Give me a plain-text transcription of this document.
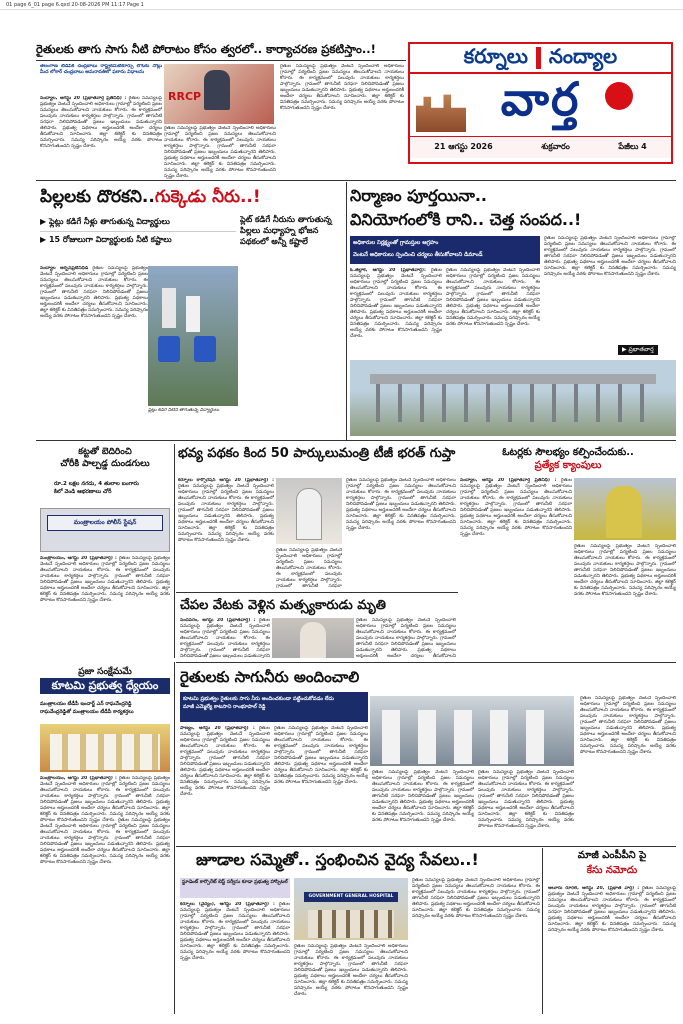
01 page 6_01 page 6.qxd 20-08-2026 PM 11:17 Page 1
కర్నూలు నంద్యాల
వార్త
21 ఆగస్టు 2026	శుక్రవారం	పేజీలు 4
రైతులకు తాగు సాగు నీటి పోరాటం కోసం త్వరలో.. కార్యాచరణ ప్రకటిస్తాం..!
తెలంగాణ టీడీపీకి చంద్రబాబు రాష్ట్రకమిటీకూర్పు లోటకు నోట్లు మీద లోకార్ చంద్రబాబు అమరావతిలో ఫలాను విధాలను
RRCP
నంద్యాల, ఆగస్టు 20 (ప్రభాతవార్త ప్రతినిధి) : రైతుల సమస్యలపై ప్రభుత్వం వెంటనే స్పందించాలి అధికారులు గ్రామాల్లో పర్యటించి ప్రజల సమస్యలు తెలుసుకోవాలని నాయకులు కోరారు. ఈ కార్యక్రమంలో పలువురు నాయకులు కార్యకర్తలు పాల్గొన్నారు. గ్రామంలో తాగునీటి సరఫరా నిలిచిపోవడంతో ప్రజలు ఇబ్బందులు పడుతున్నారని తెలిపారు. ప్రభుత్వ పథకాలు అర్హులందరికీ అందేలా చర్యలు తీసుకోవాలని సూచించారు. జిల్లా కలెక్టర్ కు వినతిపత్రం సమర్పించారు. సమస్య పరిష్కారం అయ్యే వరకు పోరాటం కొనసాగుతుందని స్పష్టం చేశారు.
రైతుల సమస్యలపై ప్రభుత్వం వెంటనే స్పందించాలి అధికారులు గ్రామాల్లో పర్యటించి ప్రజల సమస్యలు తెలుసుకోవాలని నాయకులు కోరారు. ఈ కార్యక్రమంలో పలువురు నాయకులు కార్యకర్తలు పాల్గొన్నారు. గ్రామంలో తాగునీటి సరఫరా నిలిచిపోవడంతో ప్రజలు ఇబ్బందులు పడుతున్నారని తెలిపారు. ప్రభుత్వ పథకాలు అర్హులందరికీ అందేలా చర్యలు తీసుకోవాలని సూచించారు. జిల్లా కలెక్టర్ కు వినతిపత్రం సమర్పించారు. సమస్య పరిష్కారం అయ్యే వరకు పోరాటం కొనసాగుతుందని స్పష్టం చేశారు.
రైతుల సమస్యలపై ప్రభుత్వం వెంటనే స్పందించాలి అధికారులు గ్రామాల్లో పర్యటించి ప్రజల సమస్యలు తెలుసుకోవాలని నాయకులు కోరారు. ఈ కార్యక్రమంలో పలువురు నాయకులు కార్యకర్తలు పాల్గొన్నారు. గ్రామంలో తాగునీటి సరఫరా నిలిచిపోవడంతో ప్రజలు ఇబ్బందులు పడుతున్నారని తెలిపారు. ప్రభుత్వ పథకాలు అర్హులందరికీ అందేలా చర్యలు తీసుకోవాలని సూచించారు. జిల్లా కలెక్టర్ కు వినతిపత్రం సమర్పించారు. సమస్య పరిష్కారం అయ్యే వరకు పోరాటం కొనసాగుతుందని స్పష్టం చేశారు.
పిల్లలకు దొరకని..గుక్కెడు నీరు..!
▶ ఫ్లెట్లు కడిగే నీళ్లు తాగుతున్న విద్యార్థులు
▶ 15 రోజులుగా విద్యార్థులకు నీటి కష్టాలు
నంద్యాల ఆర్బనఫ్రటినిధిడి రైతుల సమస్యలపై ప్రభుత్వం వెంటనే స్పందించాలి అధికారులు గ్రామాల్లో పర్యటించి ప్రజల సమస్యలు తెలుసుకోవాలని నాయకులు కోరారు. ఈ కార్యక్రమంలో పలువురు నాయకులు కార్యకర్తలు పాల్గొన్నారు. గ్రామంలో తాగునీటి సరఫరా నిలిచిపోవడంతో ప్రజలు ఇబ్బందులు పడుతున్నారని తెలిపారు. ప్రభుత్వ పథకాలు అర్హులందరికీ అందేలా చర్యలు తీసుకోవాలని సూచించారు. జిల్లా కలెక్టర్ కు వినతిపత్రం సమర్పించారు. సమస్య పరిష్కారం అయ్యే వరకు పోరాటం కొనసాగుతుందని స్పష్టం చేశారు.
ప్లేట్లు కడిగే నీటిని తాగుతున్న విద్యార్థులు
ప్లెట్ కడిగే నీరును తాగుతున్న పిల్లలు మధ్యాహ్న భోజన పథకంలో అన్నీ కష్టాలే
నిర్మాణం పూర్తయినా..
వినియోగంలోకి రాని.. చెత్త సంపద..!
అధికారుల నిర్లక్ష్యంతో గ్రామస్తుల ఆగ్రహం
వెంటనే అధికారులు స్పందించి చర్యలు తీసుకోవాలని డిమాండ్
ఓ.జిల్లాకే, ఆగస్టు 20 (ప్రభాతవార్త): రైతుల సమస్యలపై ప్రభుత్వం వెంటనే స్పందించాలి అధికారులు గ్రామాల్లో పర్యటించి ప్రజల సమస్యలు తెలుసుకోవాలని నాయకులు కోరారు. ఈ కార్యక్రమంలో పలువురు నాయకులు కార్యకర్తలు పాల్గొన్నారు. గ్రామంలో తాగునీటి సరఫరా నిలిచిపోవడంతో ప్రజలు ఇబ్బందులు పడుతున్నారని తెలిపారు. ప్రభుత్వ పథకాలు అర్హులందరికీ అందేలా చర్యలు తీసుకోవాలని సూచించారు. జిల్లా కలెక్టర్ కు వినతిపత్రం సమర్పించారు. సమస్య పరిష్కారం అయ్యే వరకు పోరాటం కొనసాగుతుందని స్పష్టం చేశారు.
రైతుల సమస్యలపై ప్రభుత్వం వెంటనే స్పందించాలి అధికారులు గ్రామాల్లో పర్యటించి ప్రజల సమస్యలు తెలుసుకోవాలని నాయకులు కోరారు. ఈ కార్యక్రమంలో పలువురు నాయకులు కార్యకర్తలు పాల్గొన్నారు. గ్రామంలో తాగునీటి సరఫరా నిలిచిపోవడంతో ప్రజలు ఇబ్బందులు పడుతున్నారని తెలిపారు. ప్రభుత్వ పథకాలు అర్హులందరికీ అందేలా చర్యలు తీసుకోవాలని సూచించారు. జిల్లా కలెక్టర్ కు వినతిపత్రం సమర్పించారు. సమస్య పరిష్కారం అయ్యే వరకు పోరాటం కొనసాగుతుందని స్పష్టం చేశారు.
రైతుల సమస్యలపై ప్రభుత్వం వెంటనే స్పందించాలి అధికారులు గ్రామాల్లో పర్యటించి ప్రజల సమస్యలు తెలుసుకోవాలని నాయకులు కోరారు. ఈ కార్యక్రమంలో పలువురు నాయకులు కార్యకర్తలు పాల్గొన్నారు. గ్రామంలో తాగునీటి సరఫరా నిలిచిపోవడంతో ప్రజలు ఇబ్బందులు పడుతున్నారని తెలిపారు. ప్రభుత్వ పథకాలు అర్హులందరికీ అందేలా చర్యలు తీసుకోవాలని సూచించారు. జిల్లా కలెక్టర్ కు వినతిపత్రం సమర్పించారు. సమస్య పరిష్కారం అయ్యే వరకు పోరాటం కొనసాగుతుందని స్పష్టం చేశారు.
▶ ప్రభాతవార్త
కట్టతో బెదిరించి
చోరీకి పాల్పడ్డ దుండగులు
రూ.2 లక్షల నగదు, 4 తులాల బంగారు
కిలో వెండి ఆభరణాలు చోరీ
మంత్రాలయం పోలీస్ స్టేషన్
మంత్రాలయం, ఆగస్టు 20 (ప్రభాతవార్త) : రైతుల సమస్యలపై ప్రభుత్వం వెంటనే స్పందించాలి అధికారులు గ్రామాల్లో పర్యటించి ప్రజల సమస్యలు తెలుసుకోవాలని నాయకులు కోరారు. ఈ కార్యక్రమంలో పలువురు నాయకులు కార్యకర్తలు పాల్గొన్నారు. గ్రామంలో తాగునీటి సరఫరా నిలిచిపోవడంతో ప్రజలు ఇబ్బందులు పడుతున్నారని తెలిపారు. ప్రభుత్వ పథకాలు అర్హులందరికీ అందేలా చర్యలు తీసుకోవాలని సూచించారు. జిల్లా కలెక్టర్ కు వినతిపత్రం సమర్పించారు. సమస్య పరిష్కారం అయ్యే వరకు పోరాటం కొనసాగుతుందని స్పష్టం చేశారు.
భవ్య పథకం కింద 50 పార్కులుమంత్రి టీజీ భరత్ గుప్తా
కర్నూలు కార్పొరేషన్ ఆగస్టు 20 (ప్రభాతవార్త) : రైతుల సమస్యలపై ప్రభుత్వం వెంటనే స్పందించాలి అధికారులు గ్రామాల్లో పర్యటించి ప్రజల సమస్యలు తెలుసుకోవాలని నాయకులు కోరారు. ఈ కార్యక్రమంలో పలువురు నాయకులు కార్యకర్తలు పాల్గొన్నారు. గ్రామంలో తాగునీటి సరఫరా నిలిచిపోవడంతో ప్రజలు ఇబ్బందులు పడుతున్నారని తెలిపారు. ప్రభుత్వ పథకాలు అర్హులందరికీ అందేలా చర్యలు తీసుకోవాలని సూచించారు. జిల్లా కలెక్టర్ కు వినతిపత్రం సమర్పించారు. సమస్య పరిష్కారం అయ్యే వరకు పోరాటం కొనసాగుతుందని స్పష్టం చేశారు.
రైతుల సమస్యలపై ప్రభుత్వం వెంటనే స్పందించాలి అధికారులు గ్రామాల్లో పర్యటించి ప్రజల సమస్యలు తెలుసుకోవాలని నాయకులు కోరారు. ఈ కార్యక్రమంలో పలువురు నాయకులు కార్యకర్తలు పాల్గొన్నారు. గ్రామంలో తాగునీటి సరఫరా
రైతుల సమస్యలపై ప్రభుత్వం వెంటనే స్పందించాలి అధికారులు గ్రామాల్లో పర్యటించి ప్రజల సమస్యలు తెలుసుకోవాలని నాయకులు కోరారు. ఈ కార్యక్రమంలో పలువురు నాయకులు కార్యకర్తలు పాల్గొన్నారు. గ్రామంలో తాగునీటి సరఫరా నిలిచిపోవడంతో ప్రజలు ఇబ్బందులు పడుతున్నారని తెలిపారు. ప్రభుత్వ పథకాలు అర్హులందరికీ అందేలా చర్యలు తీసుకోవాలని సూచించారు. జిల్లా కలెక్టర్ కు వినతిపత్రం సమర్పించారు. సమస్య పరిష్కారం అయ్యే వరకు పోరాటం కొనసాగుతుందని స్పష్టం చేశారు.
ఓటర్లకు సౌలభ్యం కల్పించేందుకు..
ప్రత్యేక క్యాంపులు
నంద్యాల, ఆగస్టు 20 (ప్రభాతవార్త ప్రతినిధి) : రైతుల సమస్యలపై ప్రభుత్వం వెంటనే స్పందించాలి అధికారులు గ్రామాల్లో పర్యటించి ప్రజల సమస్యలు తెలుసుకోవాలని నాయకులు కోరారు. ఈ కార్యక్రమంలో పలువురు నాయకులు కార్యకర్తలు పాల్గొన్నారు. గ్రామంలో తాగునీటి సరఫరా నిలిచిపోవడంతో ప్రజలు ఇబ్బందులు పడుతున్నారని తెలిపారు. ప్రభుత్వ పథకాలు అర్హులందరికీ అందేలా చర్యలు తీసుకోవాలని సూచించారు. జిల్లా కలెక్టర్ కు వినతిపత్రం సమర్పించారు. సమస్య పరిష్కారం అయ్యే వరకు పోరాటం కొనసాగుతుందని స్పష్టం చేశారు.
రైతుల సమస్యలపై ప్రభుత్వం వెంటనే స్పందించాలి అధికారులు గ్రామాల్లో పర్యటించి ప్రజల సమస్యలు తెలుసుకోవాలని నాయకులు కోరారు. ఈ కార్యక్రమంలో పలువురు నాయకులు కార్యకర్తలు పాల్గొన్నారు. గ్రామంలో తాగునీటి సరఫరా నిలిచిపోవడంతో ప్రజలు ఇబ్బందులు పడుతున్నారని తెలిపారు. ప్రభుత్వ పథకాలు అర్హులందరికీ అందేలా చర్యలు తీసుకోవాలని సూచించారు. జిల్లా కలెక్టర్ కు వినతిపత్రం సమర్పించారు. సమస్య పరిష్కారం అయ్యే వరకు పోరాటం కొనసాగుతుందని స్పష్టం చేశారు.
చేపల వేటకు వెళ్లిన మత్స్యకారుడు మృతి
నందవరం, ఆగస్టు 20 (ప్రభాతవార్త) : రైతుల సమస్యలపై ప్రభుత్వం వెంటనే స్పందించాలి అధికారులు గ్రామాల్లో పర్యటించి ప్రజల సమస్యలు తెలుసుకోవాలని నాయకులు కోరారు. ఈ కార్యక్రమంలో పలువురు నాయకులు కార్యకర్తలు పాల్గొన్నారు. గ్రామంలో తాగునీటి సరఫరా నిలిచిపోవడంతో ప్రజలు ఇబ్బందులు పడుతున్నారని
రైతుల సమస్యలపై ప్రభుత్వం వెంటనే స్పందించాలి అధికారులు గ్రామాల్లో పర్యటించి ప్రజల సమస్యలు తెలుసుకోవాలని నాయకులు కోరారు. ఈ కార్యక్రమంలో పలువురు నాయకులు కార్యకర్తలు పాల్గొన్నారు. గ్రామంలో తాగునీటి సరఫరా నిలిచిపోవడంతో ప్రజలు ఇబ్బందులు పడుతున్నారని తెలిపారు. ప్రభుత్వ పథకాలు అర్హులందరికీ అందేలా చర్యలు తీసుకోవాలని
ప్రజా సంక్షేమమే
కూటమి ప్రభుత్వ ధ్యేయం
మంత్రాలయం టీడీపీ ఇంచార్జ్ ఎన్ రాఘవేంద్రరెడ్డి
రాఘవేంద్రరెడ్డితో మంత్రాలయం టీడీపీ కార్యకర్తలు
మంత్రాలయం, ఆగస్టు 20 (ప్రభాతవార్త) : రైతుల సమస్యలపై ప్రభుత్వం వెంటనే స్పందించాలి అధికారులు గ్రామాల్లో పర్యటించి ప్రజల సమస్యలు తెలుసుకోవాలని నాయకులు కోరారు. ఈ కార్యక్రమంలో పలువురు నాయకులు కార్యకర్తలు పాల్గొన్నారు. గ్రామంలో తాగునీటి సరఫరా నిలిచిపోవడంతో ప్రజలు ఇబ్బందులు పడుతున్నారని తెలిపారు. ప్రభుత్వ పథకాలు అర్హులందరికీ అందేలా చర్యలు తీసుకోవాలని సూచించారు. జిల్లా కలెక్టర్ కు వినతిపత్రం సమర్పించారు. సమస్య పరిష్కారం అయ్యే వరకు పోరాటం కొనసాగుతుందని స్పష్టం చేశారు. రైతుల సమస్యలపై ప్రభుత్వం వెంటనే స్పందించాలి అధికారులు గ్రామాల్లో పర్యటించి ప్రజల సమస్యలు తెలుసుకోవాలని నాయకులు కోరారు. ఈ కార్యక్రమంలో పలువురు నాయకులు కార్యకర్తలు పాల్గొన్నారు. గ్రామంలో తాగునీటి సరఫరా నిలిచిపోవడంతో ప్రజలు ఇబ్బందులు పడుతున్నారని తెలిపారు. ప్రభుత్వ పథకాలు అర్హులందరికీ అందేలా చర్యలు తీసుకోవాలని సూచించారు. జిల్లా కలెక్టర్ కు వినతిపత్రం సమర్పించారు. సమస్య పరిష్కారం అయ్యే వరకు పోరాటం కొనసాగుతుందని స్పష్టం చేశారు.
రైతులకు సాగునీరు అందించాలి
కూటమి ప్రభుత్వం రైతులకు సాగు నీరు అందించకుండా పట్టించుకోవడం లేదు
మాజీ ఎమ్మెల్యే కాటసాని రాంభూపాల్ రెడ్డి
పాణ్యం, ఆగస్టు 20 (ప్రభాతవార్త) : రైతుల సమస్యలపై ప్రభుత్వం వెంటనే స్పందించాలి అధికారులు గ్రామాల్లో పర్యటించి ప్రజల సమస్యలు తెలుసుకోవాలని నాయకులు కోరారు. ఈ కార్యక్రమంలో పలువురు నాయకులు కార్యకర్తలు పాల్గొన్నారు. గ్రామంలో తాగునీటి సరఫరా నిలిచిపోవడంతో ప్రజలు ఇబ్బందులు పడుతున్నారని తెలిపారు. ప్రభుత్వ పథకాలు అర్హులందరికీ అందేలా చర్యలు తీసుకోవాలని సూచించారు. జిల్లా కలెక్టర్ కు వినతిపత్రం సమర్పించారు. సమస్య పరిష్కారం అయ్యే వరకు పోరాటం కొనసాగుతుందని స్పష్టం చేశారు.
రైతుల సమస్యలపై ప్రభుత్వం వెంటనే స్పందించాలి అధికారులు గ్రామాల్లో పర్యటించి ప్రజల సమస్యలు తెలుసుకోవాలని నాయకులు కోరారు. ఈ కార్యక్రమంలో పలువురు నాయకులు కార్యకర్తలు పాల్గొన్నారు. గ్రామంలో తాగునీటి సరఫరా నిలిచిపోవడంతో ప్రజలు ఇబ్బందులు పడుతున్నారని తెలిపారు. ప్రభుత్వ పథకాలు అర్హులందరికీ అందేలా చర్యలు తీసుకోవాలని సూచించారు. జిల్లా కలెక్టర్ కు వినతిపత్రం సమర్పించారు. సమస్య పరిష్కారం అయ్యే వరకు పోరాటం కొనసాగుతుందని స్పష్టం చేశారు.
రైతుల సమస్యలపై ప్రభుత్వం వెంటనే స్పందించాలి అధికారులు గ్రామాల్లో పర్యటించి ప్రజల సమస్యలు తెలుసుకోవాలని నాయకులు కోరారు. ఈ కార్యక్రమంలో పలువురు నాయకులు కార్యకర్తలు పాల్గొన్నారు. గ్రామంలో తాగునీటి సరఫరా నిలిచిపోవడంతో ప్రజలు ఇబ్బందులు పడుతున్నారని తెలిపారు. ప్రభుత్వ పథకాలు అర్హులందరికీ అందేలా చర్యలు తీసుకోవాలని సూచించారు. జిల్లా కలెక్టర్ కు వినతిపత్రం సమర్పించారు. సమస్య పరిష్కారం అయ్యే వరకు పోరాటం కొనసాగుతుందని స్పష్టం చేశారు.
రైతుల సమస్యలపై ప్రభుత్వం వెంటనే స్పందించాలి అధికారులు గ్రామాల్లో పర్యటించి ప్రజల సమస్యలు తెలుసుకోవాలని నాయకులు కోరారు. ఈ కార్యక్రమంలో పలువురు నాయకులు కార్యకర్తలు పాల్గొన్నారు. గ్రామంలో తాగునీటి సరఫరా నిలిచిపోవడంతో ప్రజలు ఇబ్బందులు పడుతున్నారని తెలిపారు. ప్రభుత్వ పథకాలు అర్హులందరికీ అందేలా చర్యలు తీసుకోవాలని సూచించారు. జిల్లా కలెక్టర్ కు వినతిపత్రం సమర్పించారు. సమస్య పరిష్కారం అయ్యే వరకు పోరాటం కొనసాగుతుందని స్పష్టం చేశారు.
రైతుల సమస్యలపై ప్రభుత్వం వెంటనే స్పందించాలి అధికారులు గ్రామాల్లో పర్యటించి ప్రజల సమస్యలు తెలుసుకోవాలని నాయకులు కోరారు. ఈ కార్యక్రమంలో పలువురు నాయకులు కార్యకర్తలు పాల్గొన్నారు. గ్రామంలో తాగునీటి సరఫరా నిలిచిపోవడంతో ప్రజలు ఇబ్బందులు పడుతున్నారని తెలిపారు. ప్రభుత్వ పథకాలు అర్హులందరికీ అందేలా చర్యలు తీసుకోవాలని సూచించారు. జిల్లా కలెక్టర్ కు వినతిపత్రం సమర్పించారు. సమస్య పరిష్కారం అయ్యే వరకు పోరాటం కొనసాగుతుందని స్పష్టం చేశారు.
జూడాల సమ్మెతో.. స్తంభించిన వైద్య సేవలు..!
స్టూడెంట్ కార్పొరేట్ బెస్ట్ సర్వీసు కూడా ప్రభుత్వ హాస్పిటల్
కర్నూలు (వైద్యం), ఆగస్టు 20 (ప్రభాతవార్త) : రైతుల సమస్యలపై ప్రభుత్వం వెంటనే స్పందించాలి అధికారులు గ్రామాల్లో పర్యటించి ప్రజల సమస్యలు తెలుసుకోవాలని నాయకులు కోరారు. ఈ కార్యక్రమంలో పలువురు నాయకులు కార్యకర్తలు పాల్గొన్నారు. గ్రామంలో తాగునీటి సరఫరా నిలిచిపోవడంతో ప్రజలు ఇబ్బందులు పడుతున్నారని తెలిపారు. ప్రభుత్వ పథకాలు అర్హులందరికీ అందేలా చర్యలు తీసుకోవాలని సూచించారు. జిల్లా కలెక్టర్ కు వినతిపత్రం సమర్పించారు. సమస్య పరిష్కారం అయ్యే వరకు పోరాటం కొనసాగుతుందని స్పష్టం చేశారు.
GOVERNMENT GENERAL HOSPITAL
రైతుల సమస్యలపై ప్రభుత్వం వెంటనే స్పందించాలి అధికారులు గ్రామాల్లో పర్యటించి ప్రజల సమస్యలు తెలుసుకోవాలని నాయకులు కోరారు. ఈ కార్యక్రమంలో పలువురు నాయకులు కార్యకర్తలు పాల్గొన్నారు. గ్రామంలో తాగునీటి సరఫరా నిలిచిపోవడంతో ప్రజలు ఇబ్బందులు పడుతున్నారని తెలిపారు. ప్రభుత్వ పథకాలు అర్హులందరికీ అందేలా చర్యలు తీసుకోవాలని సూచించారు. జిల్లా కలెక్టర్ కు వినతిపత్రం సమర్పించారు. సమస్య పరిష్కారం అయ్యే వరకు పోరాటం కొనసాగుతుందని స్పష్టం చేశారు.
రైతుల సమస్యలపై ప్రభుత్వం వెంటనే స్పందించాలి అధికారులు గ్రామాల్లో పర్యటించి ప్రజల సమస్యలు తెలుసుకోవాలని నాయకులు కోరారు. ఈ కార్యక్రమంలో పలువురు నాయకులు కార్యకర్తలు పాల్గొన్నారు. గ్రామంలో తాగునీటి సరఫరా నిలిచిపోవడంతో ప్రజలు ఇబ్బందులు పడుతున్నారని తెలిపారు. ప్రభుత్వ పథకాలు అర్హులందరికీ అందేలా చర్యలు తీసుకోవాలని సూచించారు. జిల్లా కలెక్టర్ కు వినతిపత్రం సమర్పించారు. సమస్య పరిష్కారం అయ్యే వరకు పోరాటం కొనసాగుతుందని స్పష్టం చేశారు.
మాజీ ఎంపీపీని పై
కేసు నమోదు
ఆలూరు రూరల్, ఆగస్టు 20, (ప్రభాత వార్త) : రైతుల సమస్యలపై ప్రభుత్వం వెంటనే స్పందించాలి అధికారులు గ్రామాల్లో పర్యటించి ప్రజల సమస్యలు తెలుసుకోవాలని నాయకులు కోరారు. ఈ కార్యక్రమంలో పలువురు నాయకులు కార్యకర్తలు పాల్గొన్నారు. గ్రామంలో తాగునీటి సరఫరా నిలిచిపోవడంతో ప్రజలు ఇబ్బందులు పడుతున్నారని తెలిపారు. ప్రభుత్వ పథకాలు అర్హులందరికీ అందేలా చర్యలు తీసుకోవాలని సూచించారు. జిల్లా కలెక్టర్ కు వినతిపత్రం సమర్పించారు. సమస్య పరిష్కారం అయ్యే వరకు పోరాటం కొనసాగుతుందని స్పష్టం చేశారు.
